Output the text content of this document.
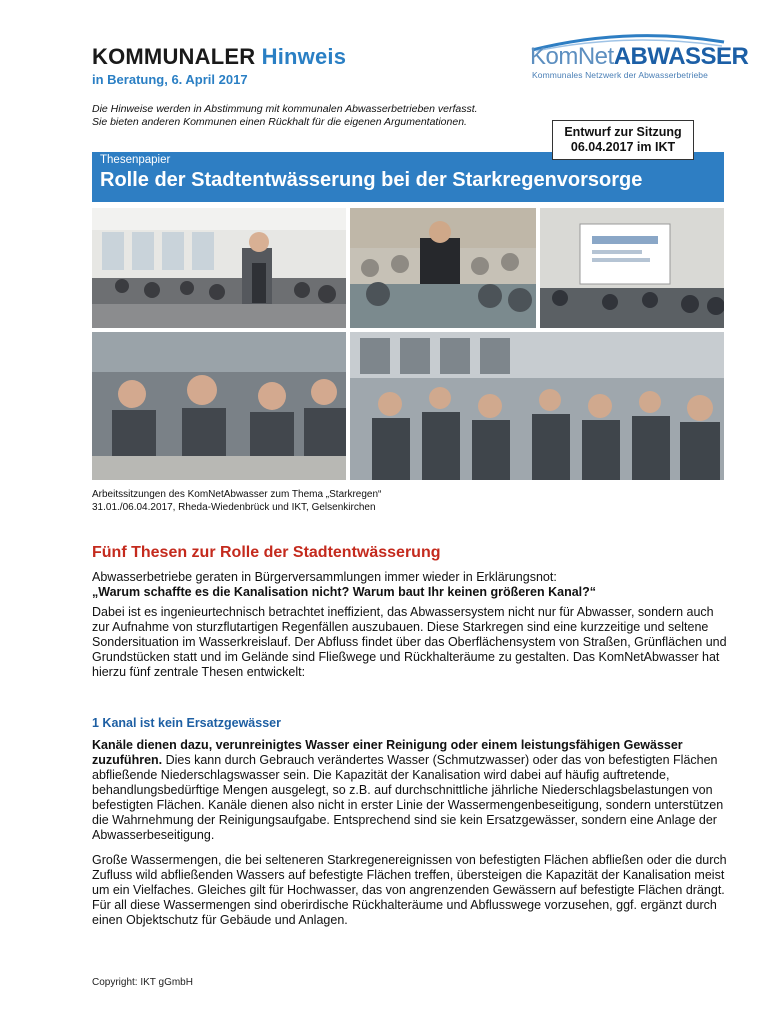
KOMMUNALER Hinweis
in Beratung, 6. April 2017
KomNetABWASSER
Kommunales Netzwerk der Abwasserbetriebe
Die Hinweise werden in Abstimmung mit kommunalen Abwasserbetrieben verfasst.
Sie bieten anderen Kommunen einen Rückhalt für die eigenen Argumentationen.
Thesenpapier
Rolle der Stadtentwässerung bei der Starkregenvorsorge
Entwurf zur Sitzung
06.04.2017 im IKT
Arbeitssitzungen des KomNetAbwasser zum Thema „Starkregen“
31.01./06.04.2017, Rheda-Wiedenbrück und IKT, Gelsenkirchen
Fünf Thesen zur Rolle der Stadtentwässerung
Abwasserbetriebe geraten in Bürgerversammlungen immer wieder in Erklärungsnot:
„Warum schaffte es die Kanalisation nicht? Warum baut Ihr keinen größeren Kanal?“
Dabei ist es ingenieurtechnisch betrachtet ineffizient, das Abwassersystem nicht nur für Abwasser, sondern auch zur Aufnahme von sturzflutartigen Regenfällen auszubauen. Diese Starkregen sind eine kurzzeitige und seltene Sondersituation im Wasserkreislauf. Der Abfluss findet über das Oberflächensystem von Straßen, Grünflächen und Grundstücken statt und im Gelände sind Fließwege und Rückhalteräume zu gestalten. Das KomNetAbwasser hat hierzu fünf zentrale Thesen entwickelt:
1 Kanal ist kein Ersatzgewässer
Kanäle dienen dazu, verunreinigtes Wasser einer Reinigung oder einem leistungsfähigen Gewässer zuzuführen. Dies kann durch Gebrauch verändertes Wasser (Schmutzwasser) oder das von befestigten Flächen abfließende Niederschlagswasser sein. Die Kapazität der Kanalisation wird dabei auf häufig auftretende, behandlungsbedürftige Mengen ausgelegt, so z.B. auf durchschnittliche jährliche Niederschlagsbelastungen von befestigten Flächen. Kanäle dienen also nicht in erster Linie der Wassermengenbeseitigung, sondern unterstützen die Wahrnehmung der Reinigungsaufgabe. Entsprechend sind sie kein Ersatzgewässer, sondern eine Anlage der Abwasserbeseitigung.
Große Wassermengen, die bei selteneren Starkregenereignissen von befestigten Flächen abfließen oder die durch Zufluss wild abfließenden Wassers auf befestigte Flächen treffen, übersteigen die Kapazität der Kanalisation meist um ein Vielfaches. Gleiches gilt für Hochwasser, das von angrenzenden Gewässern auf befestigte Flächen drängt. Für all diese Wassermengen sind oberirdische Rückhalteräume und Abflusswege vorzusehen, ggf. ergänzt durch einen Objektschutz für Gebäude und Anlagen.
Copyright: IKT gGmbH
